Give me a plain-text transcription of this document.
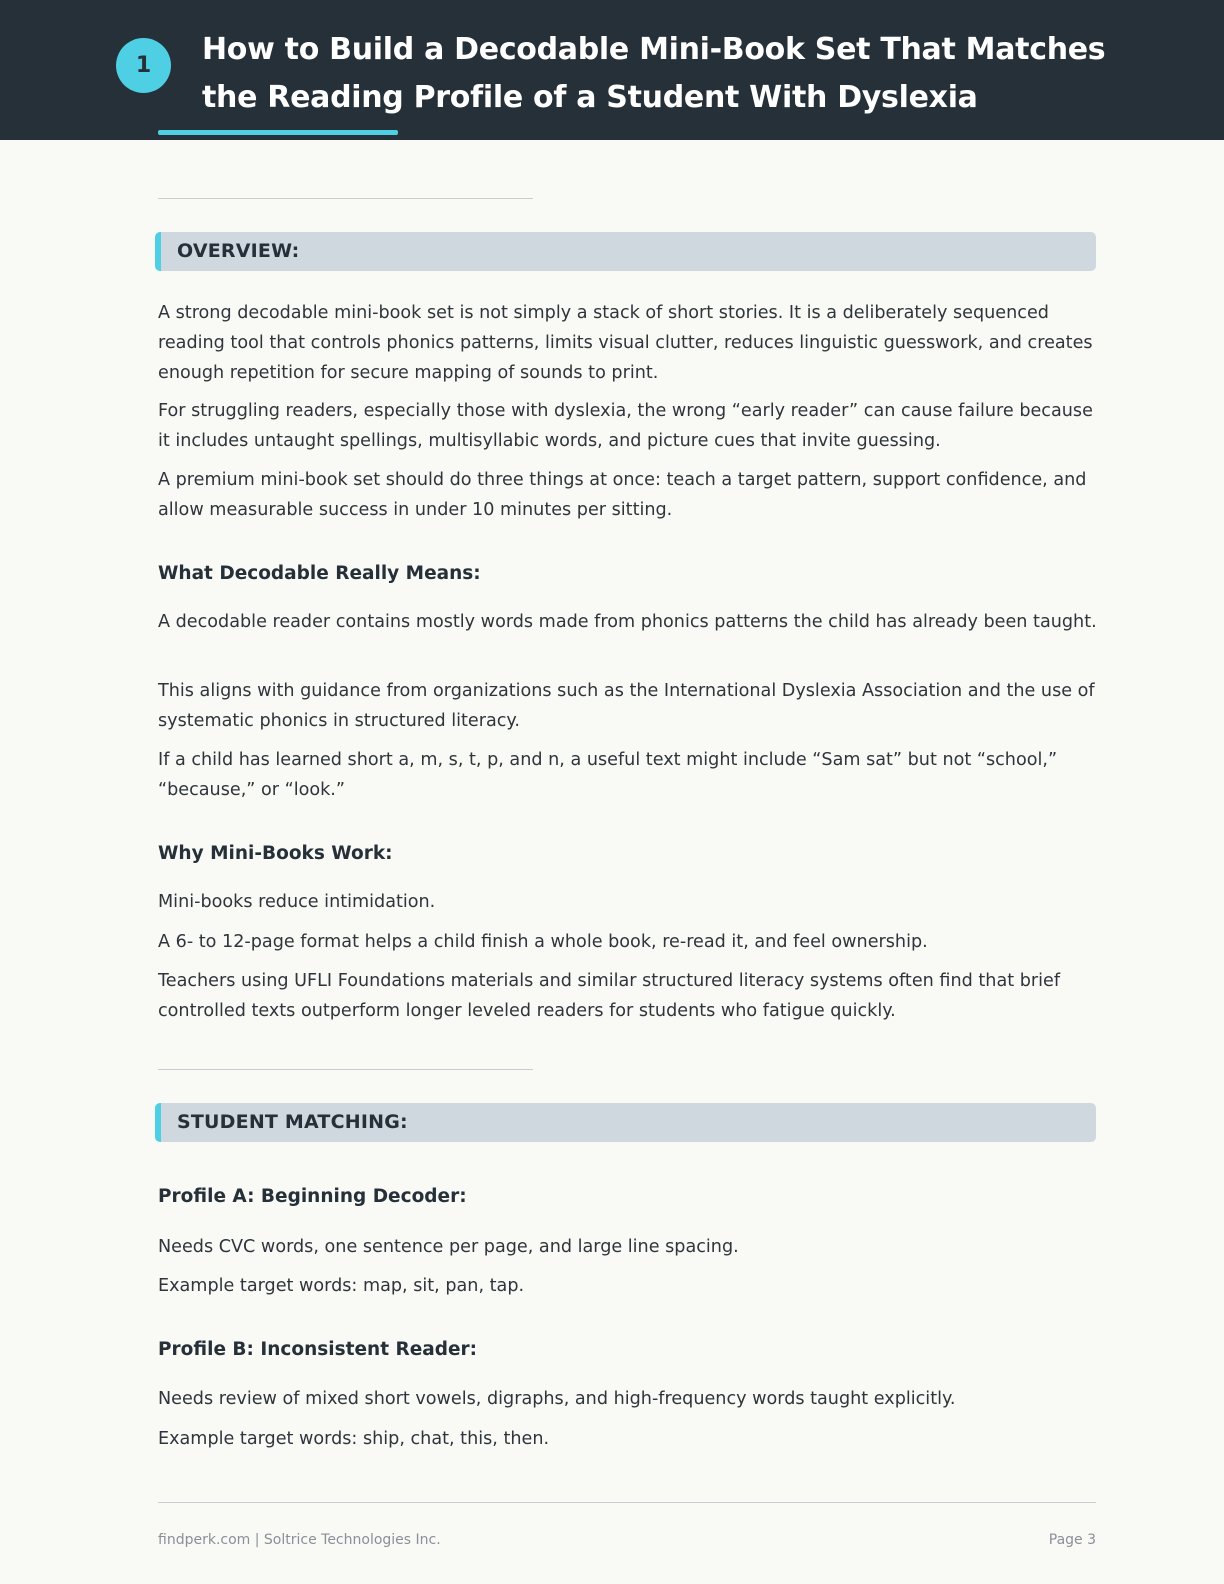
1	How to Build a Decodable Mini-Book Set That Matches the Reading Profile of a Student With Dyslexia
OVERVIEW:
A strong decodable mini-book set is not simply a stack of short stories. It is a deliberately sequenced reading tool that controls phonics patterns, limits visual clutter, reduces linguistic guesswork, and creates enough repetition for secure mapping of sounds to print.
For struggling readers, especially those with dyslexia, the wrong “early reader” can cause failure because it includes untaught spellings, multisyllabic words, and picture cues that invite guessing.
A premium mini-book set should do three things at once: teach a target pattern, support confidence, and allow measurable success in under 10 minutes per sitting.
What Decodable Really Means:
A decodable reader contains mostly words made from phonics patterns the child has already been taught.
This aligns with guidance from organizations such as the International Dyslexia Association and the use of systematic phonics in structured literacy.
If a child has learned short a, m, s, t, p, and n, a useful text might include “Sam sat” but not “school,” “because,” or “look.”
Why Mini-Books Work:
Mini-books reduce intimidation.
A 6- to 12-page format helps a child finish a whole book, re-read it, and feel ownership.
Teachers using UFLI Foundations materials and similar structured literacy systems often find that brief controlled texts outperform longer leveled readers for students who fatigue quickly.
STUDENT MATCHING:
Profile A: Beginning Decoder:
Needs CVC words, one sentence per page, and large line spacing.
Example target words: map, sit, pan, tap.
Profile B: Inconsistent Reader:
Needs review of mixed short vowels, digraphs, and high-frequency words taught explicitly.
Example target words: ship, chat, this, then.
findperk.com | Soltrice Technologies Inc.	Page 3
